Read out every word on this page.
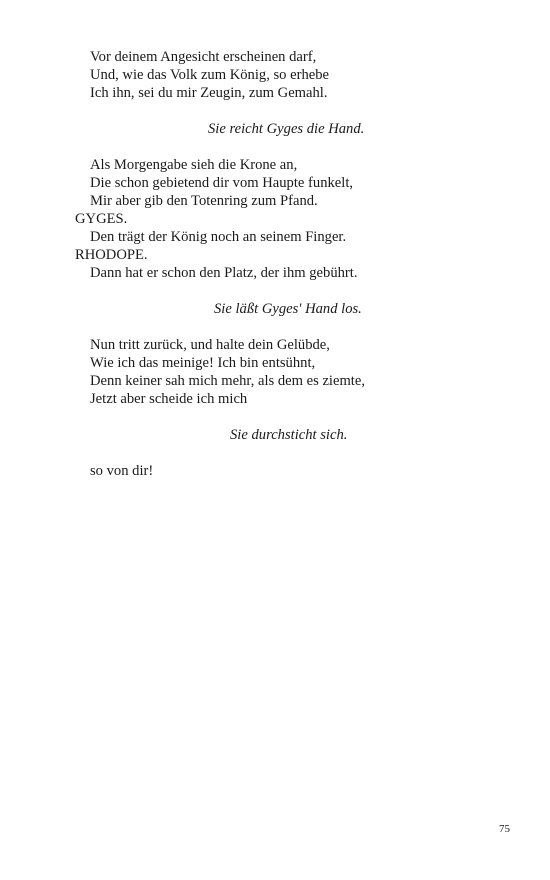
Vor deinem Angesicht erscheinen darf,
Und, wie das Volk zum König, so erhebe
Ich ihn, sei du mir Zeugin, zum Gemahl.
Sie reicht Gyges die Hand.
Als Morgengabe sieh die Krone an,
Die schon gebietend dir vom Haupte funkelt,
Mir aber gib den Totenring zum Pfand.
GYGES.
Den trägt der König noch an seinem Finger.
RHODOPE.
Dann hat er schon den Platz, der ihm gebührt.
Sie läßt Gyges' Hand los.
Nun tritt zurück, und halte dein Gelübde,
Wie ich das meinige! Ich bin entsühnt,
Denn keiner sah mich mehr, als dem es ziemte,
Jetzt aber scheide ich mich
Sie durchsticht sich.
so von dir!
75
